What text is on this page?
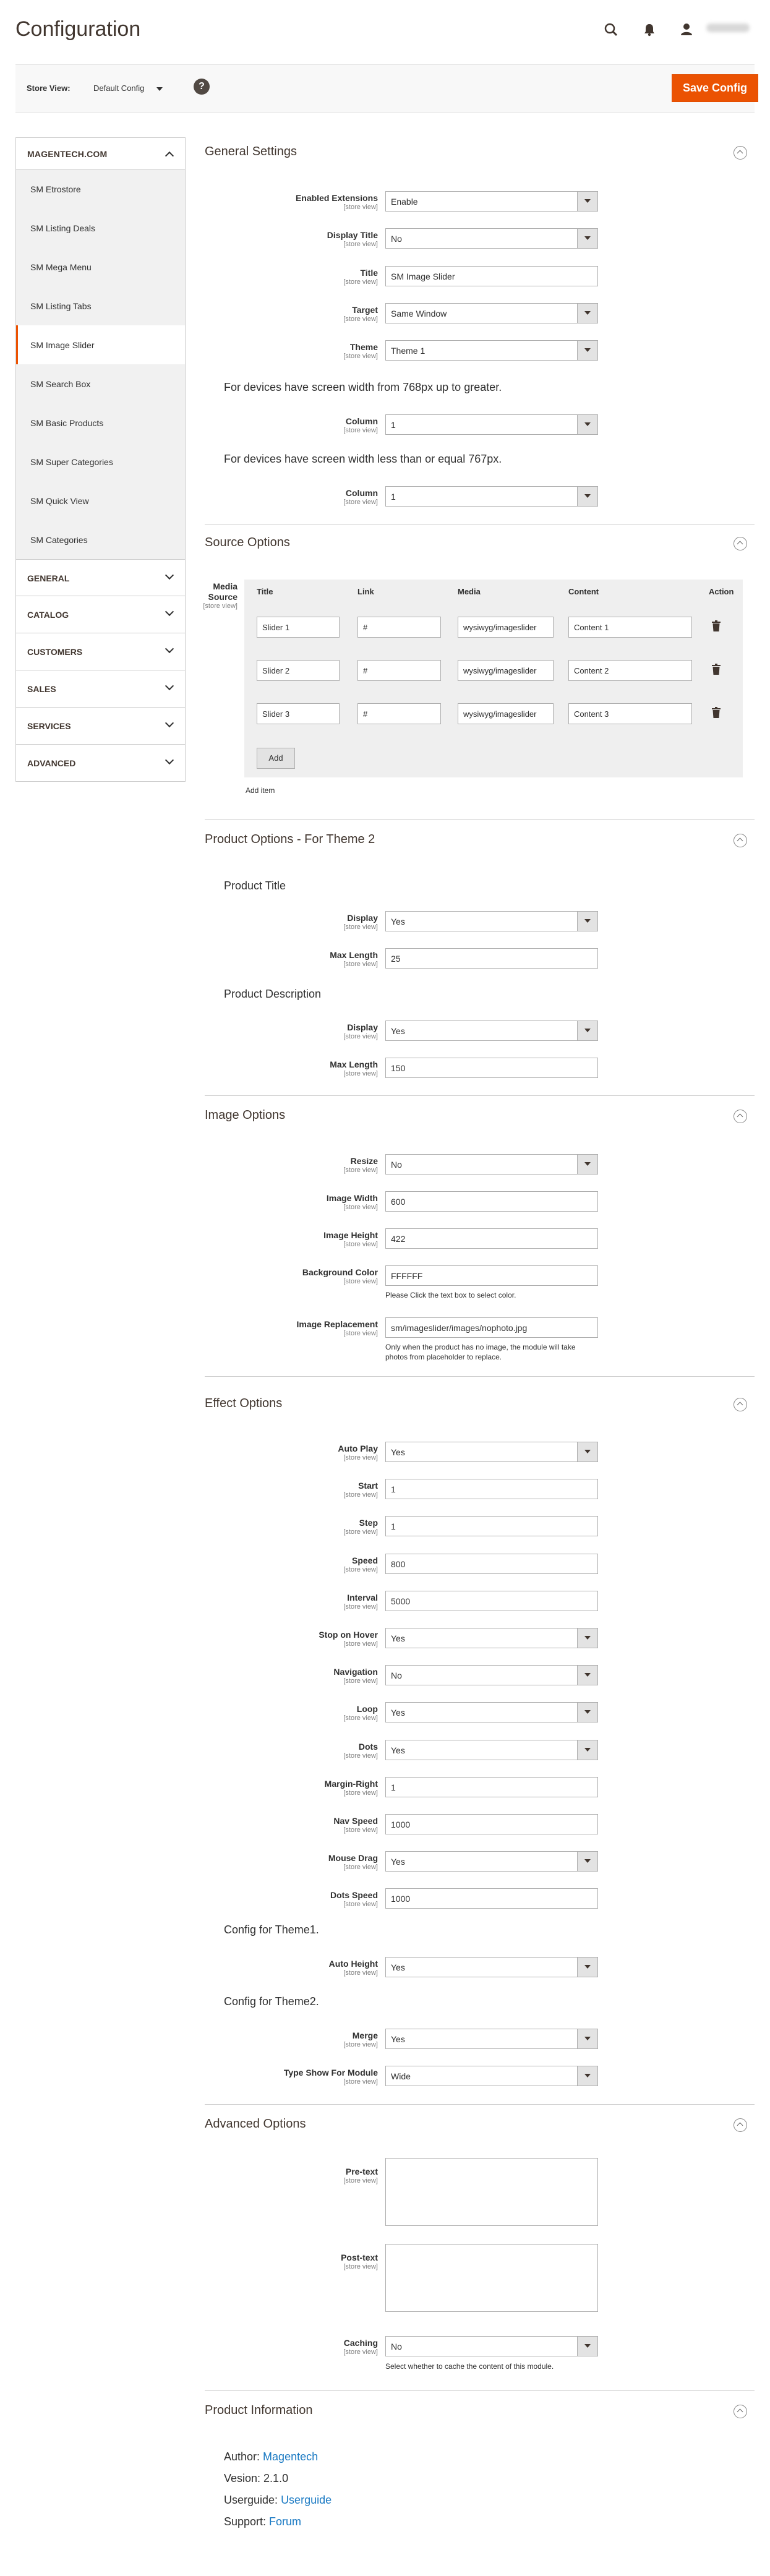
Configuration
Store View:	Default Config	?	Save Config
MAGENTECH.COM
SM Etrostore
SM Listing Deals
SM Mega Menu
SM Listing Tabs
SM Image Slider
SM Search Box
SM Basic Products
SM Super Categories
SM Quick View
SM Categories
GENERAL
CATALOG
CUSTOMERS
SALES
SERVICES
ADVANCED
General Settings
Enabled Extensions
[store view]
Enable
Display Title
[store view]
No
Title
[store view]
SM Image Slider
Target
[store view]
Same Window
Theme
[store view]
Theme 1
For devices have screen width from 768px up to greater.
Column
[store view]
1
For devices have screen width less than or equal 767px.
Column
[store view]
1
Source Options
Media Source
[store view]
Title	Link	Media	Content	Action
Slider 1	#	wysiwyg/imageslider	Content 1
Slider 2	#	wysiwyg/imageslider	Content 2
Slider 3	#	wysiwyg/imageslider	Content 3
Add
Add item
Product Options - For Theme 2
Product Title
Display
[store view]
Yes
Max Length
[store view]
25
Product Description
Display
[store view]
Yes
Max Length
[store view]
150
Image Options
Resize
[store view]
No
Image Width
[store view]
600
Image Height
[store view]
422
Background Color
[store view]
FFFFFF
Please Click the text box to select color.
Image Replacement
[store view]
sm/imageslider/images/nophoto.jpg
Only when the product has no image, the module will take photos from placeholder to replace.
Effect Options
Auto Play
[store view]
Yes
Start
[store view]
1
Step
[store view]
1
Speed
[store view]
800
Interval
[store view]
5000
Stop on Hover
[store view]
Yes
Navigation
[store view]
No
Loop
[store view]
Yes
Dots
[store view]
Yes
Margin-Right
[store view]
1
Nav Speed
[store view]
1000
Mouse Drag
[store view]
Yes
Dots Speed
[store view]
1000
Config for Theme1.
Auto Height
[store view]
Yes
Config for Theme2.
Merge
[store view]
Yes
Type Show For Module
[store view]
Wide
Advanced Options
Pre-text
[store view]
Post-text
[store view]
Caching
[store view]
No
Select whether to cache the content of this module.
Product Information
Author: Magentech
Vesion: 2.1.0
Userguide: Userguide
Support: Forum
